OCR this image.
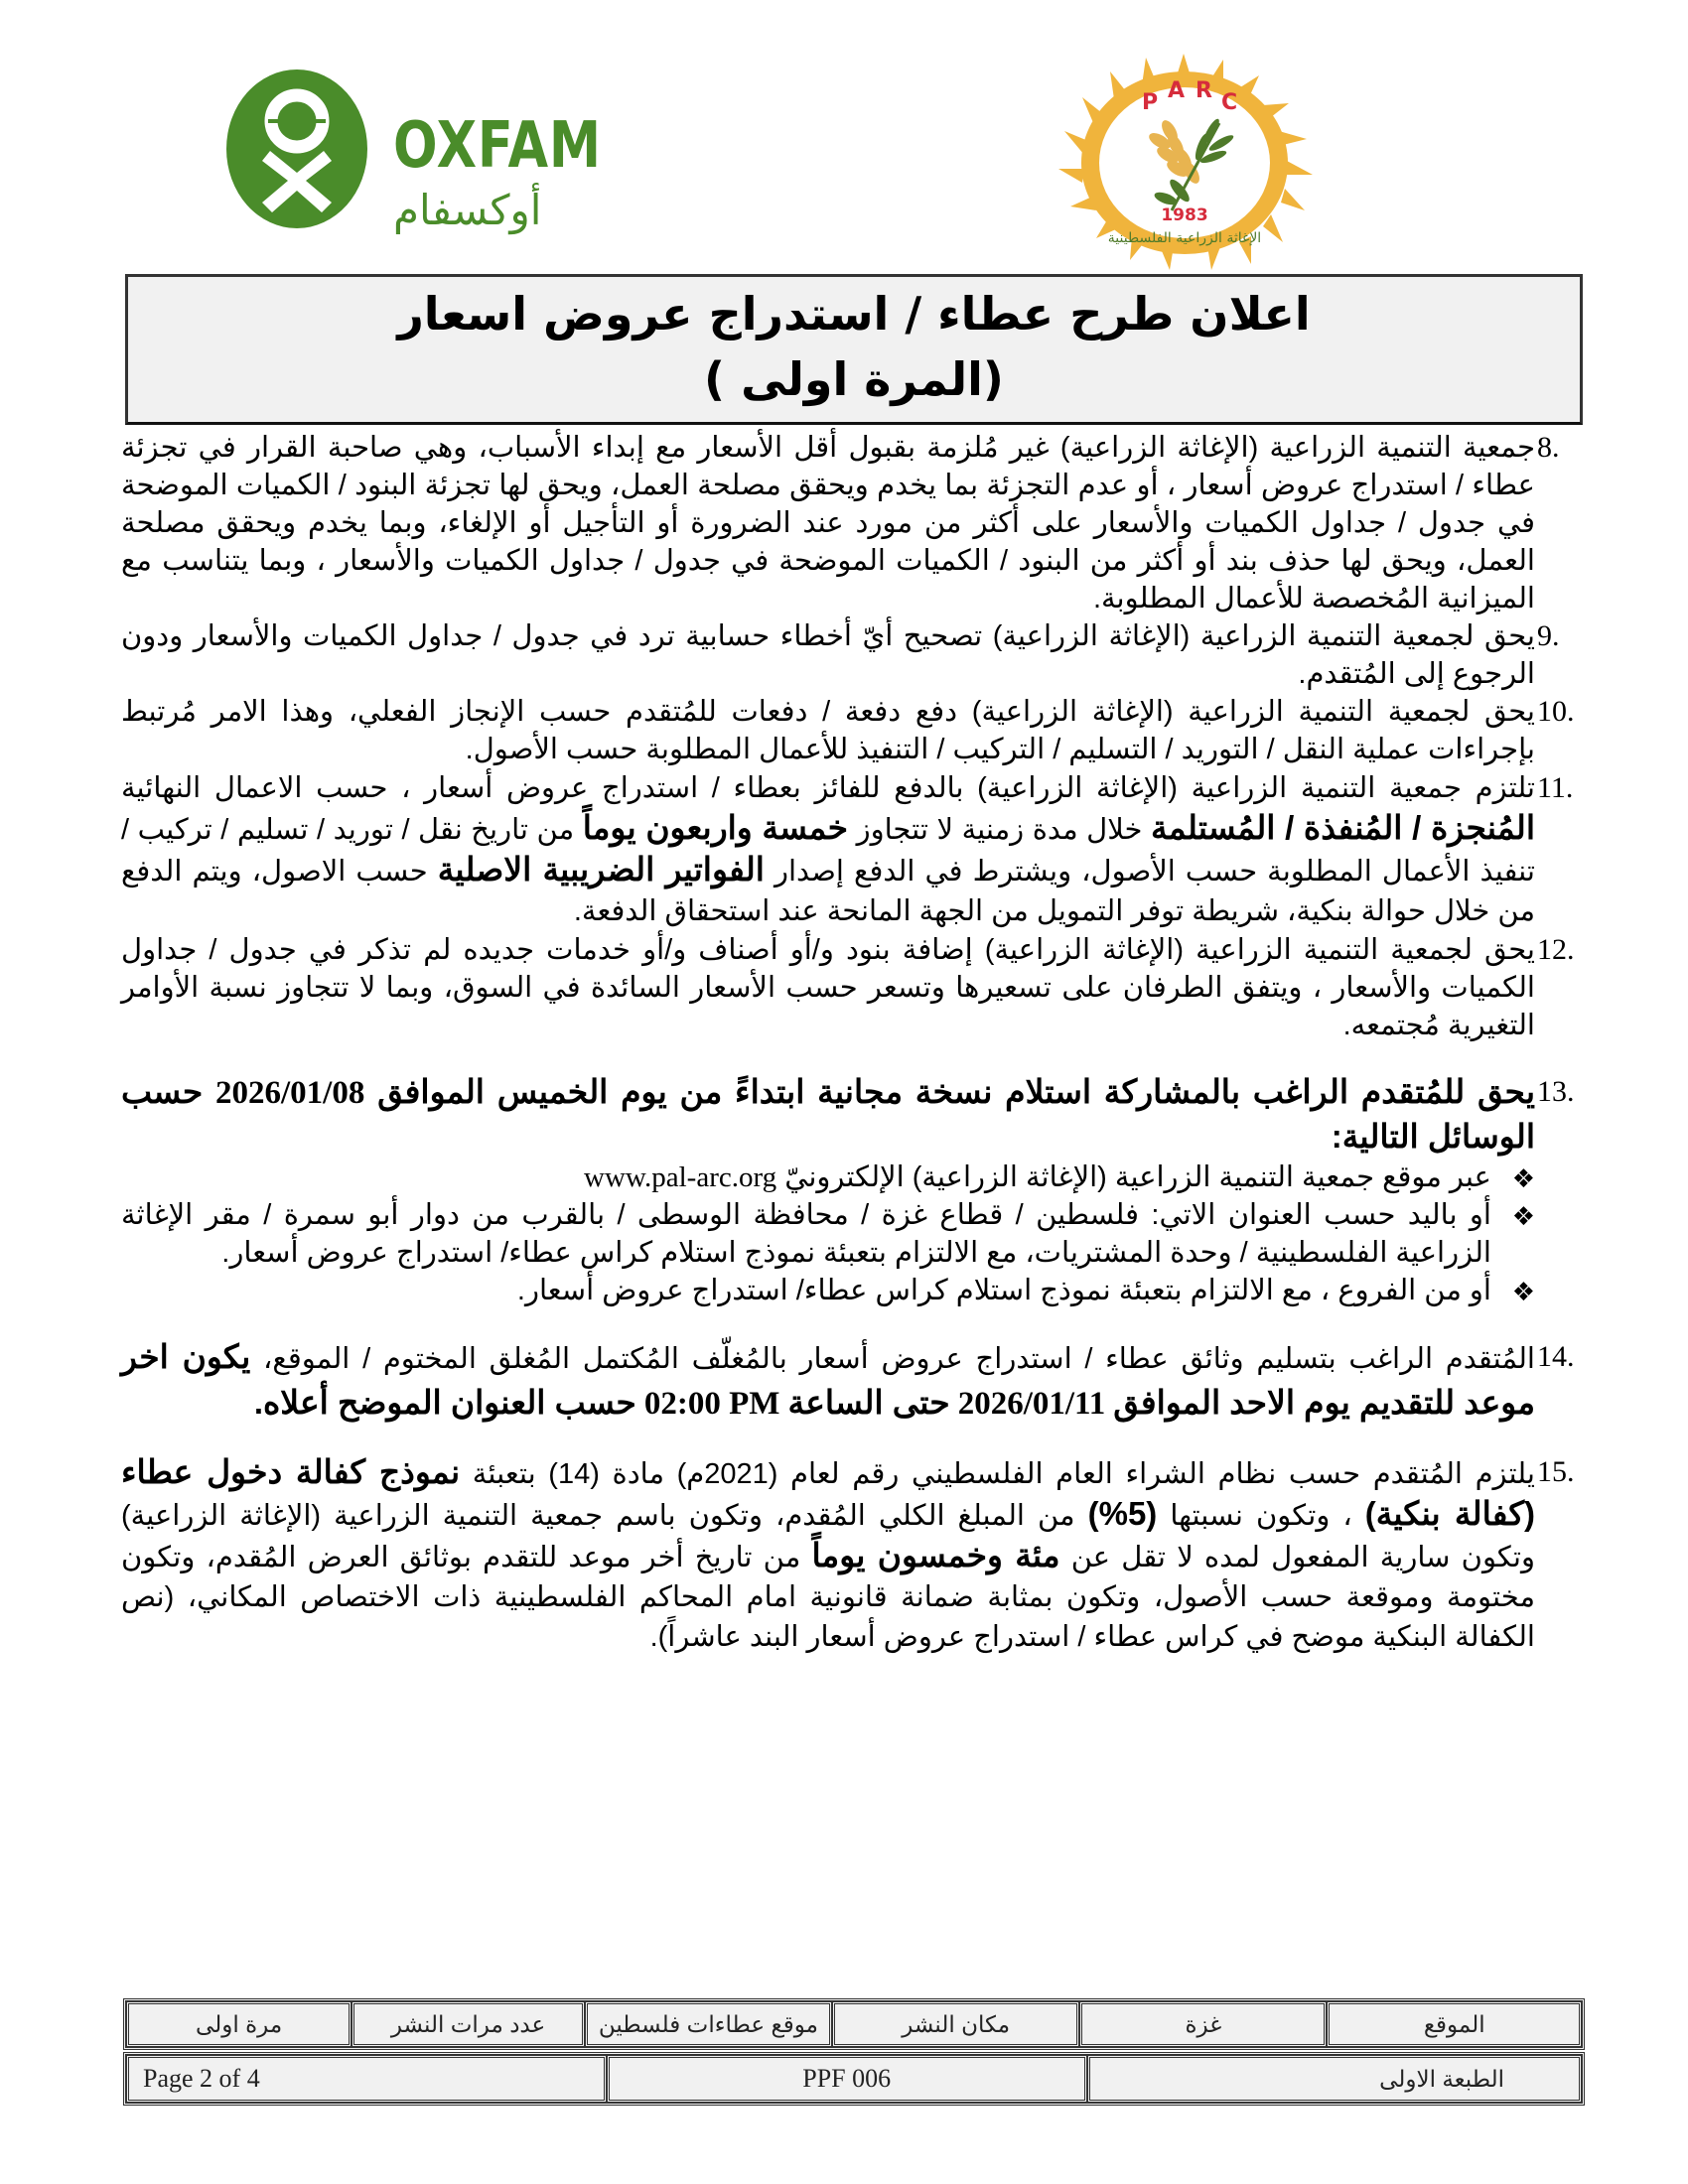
OXFAM
أوكسفام
P A R C
1983
الإغاثة الزراعية الفلسطينية
اعلان طرح عطاء / استدراج عروض اسعار
(المرة اولى )
8.

جمعية التنمية الزراعية (الإغاثة الزراعية) غير مُلزمة بقبول أقل الأسعار مع إبداء الأسباب، وهي صاحبة القرار في تجزئة عطاء / استدراج عروض أسعار ، أو عدم التجزئة بما يخدم ويحقق مصلحة العمل، ويحق لها تجزئة البنود / الكميات الموضحة في جدول / جداول الكميات والأسعار على أكثر من مورد عند الضرورة أو التأجيل أو الإلغاء، وبما يخدم ويحقق مصلحة العمل، ويحق لها حذف بند أو أكثر من البنود / الكميات الموضحة في جدول / جداول الكميات والأسعار ، وبما يتناسب مع الميزانية المُخصصة للأعمال المطلوبة.

9.

يحق لجمعية التنمية الزراعية (الإغاثة الزراعية) تصحيح أيّ أخطاء حسابية ترد في جدول / جداول الكميات والأسعار ودون الرجوع إلى المُتقدم.

10.

يحق لجمعية التنمية الزراعية (الإغاثة الزراعية) دفع دفعة / دفعات للمُتقدم حسب الإنجاز الفعلي، وهذا الامر مُرتبط بإجراءات عملية النقل / التوريد / التسليم / التركيب / التنفيذ للأعمال المطلوبة حسب الأصول.

11.
تلتزم جمعية التنمية الزراعية (الإغاثة الزراعية) بالدفع للفائز بعطاء / استدراج عروض أسعار ، حسب الاعمال النهائية المُنجزة / المُنفذة / المُستلمة خلال مدة زمنية لا تتجاوز خمسة واربعون يوماً من تاريخ نقل / توريد / تسليم / تركيب / تنفيذ الأعمال المطلوبة حسب الأصول، ويشترط في الدفع إصدار الفواتير الضريبية الاصلية حسب الاصول، ويتم الدفع من خلال حوالة بنكية، شريطة توفر التمويل من الجهة المانحة عند استحقاق الدفعة.
12.

يحق لجمعية التنمية الزراعية (الإغاثة الزراعية) إضافة بنود و/أو أصناف و/أو خدمات جديده لم تذكر في جدول / جداول الكميات والأسعار ، ويتفق الطرفان على تسعيرها وتسعر حسب الأسعار السائدة في السوق، وبما لا تتجاوز نسبة الأوامر التغيرية مُجتمعه.

13.
يحق للمُتقدم الراغب بالمشاركة استلام نسخة مجانية ابتداءً من يوم الخميس الموافق 2026/01/08 حسب الوسائل التالية:
❖
عبر موقع جمعية التنمية الزراعية (الإغاثة الزراعية) الإلكترونيّ www.pal-arc.org
❖
أو باليد حسب العنوان الاتي: فلسطين / قطاع غزة / محافظة الوسطى / بالقرب من دوار أبو سمرة / مقر الإغاثة الزراعية الفلسطينية / وحدة المشتريات، مع الالتزام بتعبئة نموذج استلام كراس عطاء/ استدراج عروض أسعار.
❖
أو من الفروع ، مع الالتزام بتعبئة نموذج استلام كراس عطاء/ استدراج عروض أسعار.
14.
المُتقدم الراغب بتسليم وثائق عطاء / استدراج عروض أسعار بالمُغلّف المُكتمل المُغلق المختوم / الموقع، يكون اخر موعد للتقديم يوم الاحد الموافق 2026/01/11 حتى الساعة 02:00 PM حسب العنوان الموضح أعلاه.
15.
يلتزم المُتقدم حسب نظام الشراء العام الفلسطيني رقم لعام (2021م) مادة (14) بتعبئة نموذج كفالة دخول عطاء (كفالة بنكية) ، وتكون نسبتها (5%) من المبلغ الكلي المُقدم، وتكون باسم جمعية التنمية الزراعية (الإغاثة الزراعية) وتكون سارية المفعول لمده لا تقل عن مئة وخمسون يوماً من تاريخ أخر موعد للتقدم بوثائق العرض المُقدم، وتكون مختومة وموقعة حسب الأصول، وتكون بمثابة ضمانة قانونية امام المحاكم الفلسطينية ذات الاختصاص المكاني، (نص الكفالة البنكية موضح في كراس عطاء / استدراج عروض أسعار البند عاشراً).
الموقع	غزة	مكان النشر	موقع عطاءات فلسطين	عدد مرات النشر	مرة اولى
الطبعة الاولى	PPF 006	Page 2 of 4
